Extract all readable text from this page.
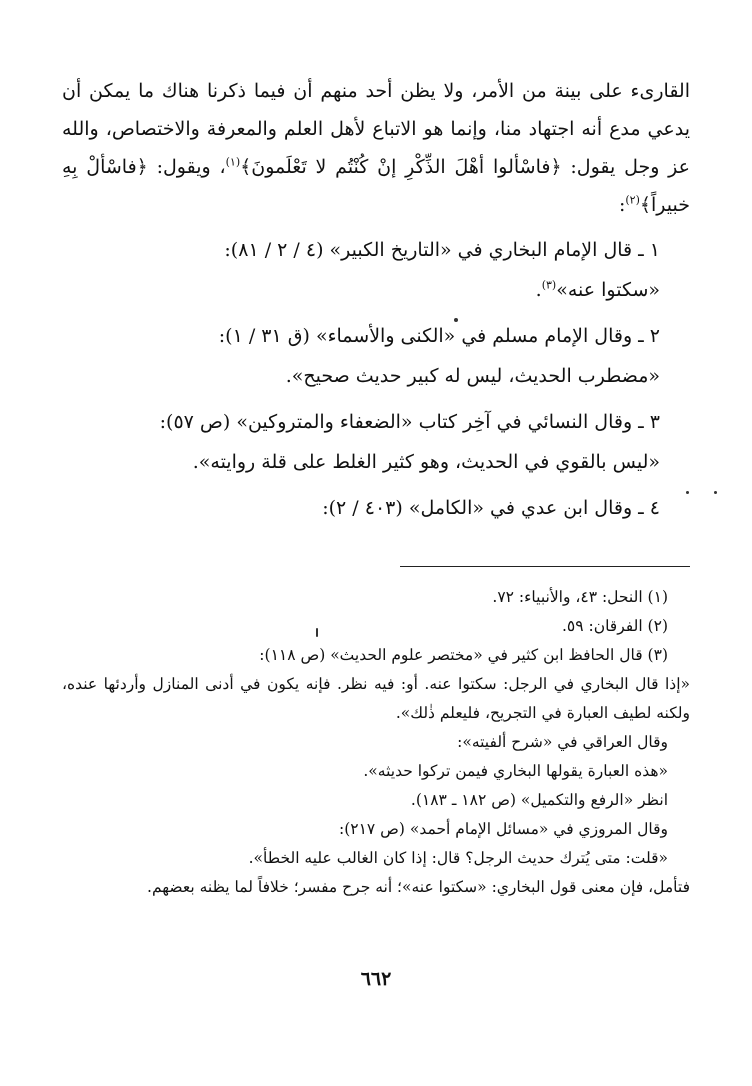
القارىء على بينة من الأمر، ولا يظن أحد منهم أن فيما ذكرنا هناك ما يمكن أن يدعي مدع أنه اجتهاد منا، وإنما هو الاتباع لأهل العلم والمعرفة والاختصاص، والله عز وجل يقول: ﴿فاسْألوا أهْلَ الذِّكْرِ إنْ كُنْتُم لا تَعْلَمونَ﴾$^{(١)}$، ويقول: ﴿فاسْألْ بِهِ خبيراً﴾$^{(٢)}$:

١ ـ قال الإمام البخاري في «التاريخ الكبير» (٤ / ٢ / ٨١):
«سكتوا عنه»$^{(٣)}$.
٢ ـ وقال الإمام مسلم في «الكنى والأسماء» (ق ٣١ / ١):
«مضطرب الحديث، ليس له كبير حديث صحيح».
٣ ـ وقال النسائي في آخِر كتاب «الضعفاء والمتروكين» (ص ٥٧):
«ليس بالقوي في الحديث، وهو كثير الغلط على قلة روايته».
٤ ـ وقال ابن عدي في «الكامل» (٤٠٣ / ٢):

(١) النحل: ٤٣، والأنبياء: ٧٢.

(٢) الفرقان: ٥٩.

(٣) قال الحافظ ابن كثير في «مختصر علوم الحديث» (ص ١١٨):

«إذا قال البخاري في الرجل: سكتوا عنه. أو: فيه نظر. فإنه يكون في أدنى المنازل وأردئها عنده، ولكنه لطيف العبارة في التجريح، فليعلم ذٰلك».

وقال العراقي في «شرح ألفيته»:

«هذه العبارة يقولها البخاري فيمن تركوا حديثه».

انظر «الرفع والتكميل» (ص ١٨٢ ـ ١٨٣).

وقال المروزي في «مسائل الإمام أحمد» (ص ٢١٧):

«قلت: متى يُترك حديث الرجل؟ قال: إذا كان الغالب عليه الخطأ».

فتأمل، فإن معنى قول البخاري: «سكتوا عنه»؛ أنه جرح مفسر؛ خلافاً لما يظنه بعضهم.

٦٦٢
